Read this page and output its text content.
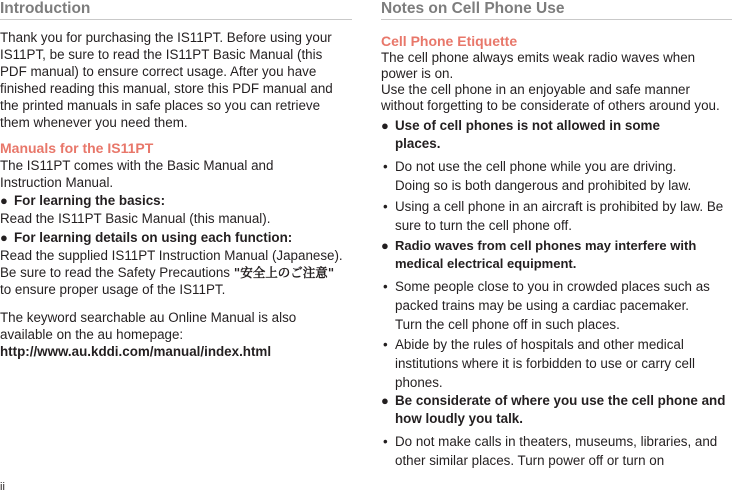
Introduction

Thank you for purchasing the IS11PT. Before using your IS11PT, be sure to read the IS11PT Basic Manual (this PDF manual) to ensure correct usage. After you have finished reading this manual, store this PDF manual and the printed manuals in safe places so you can retrieve them whenever you need them.

Manuals for the IS11PT

The IS11PT comes with the Basic Manual and Instruction Manual.

● For learning the basics:

Read the IS11PT Basic Manual (this manual).

● For learning details on using each function:

Read the supplied IS11PT Instruction Manual (Japanese). Be sure to read the Safety Precautions "安全上のご注意" to ensure proper usage of the IS11PT.

The keyword searchable au Online Manual is also available on the au homepage:

http://www.au.kddi.com/manual/index.html

Notes on Cell Phone Use
Cell Phone Etiquette

The cell phone always emits weak radio waves when power is on.

Use the cell phone in an enjoyable and safe manner without forgetting to be considerate of others around you.

● Use of cell phones is not allowed in some places.
• Do not use the cell phone while you are driving. Doing so is both dangerous and prohibited by law.
• Using a cell phone in an aircraft is prohibited by law. Be sure to turn the cell phone off.
● Radio waves from cell phones may interfere with medical electrical equipment.
• Some people close to you in crowded places such as packed trains may be using a cardiac pacemaker. Turn the cell phone off in such places.
• Abide by the rules of hospitals and other medical institutions where it is forbidden to use or carry cell phones.
● Be considerate of where you use the cell phone and how loudly you talk.
• Do not make calls in theaters, museums, libraries, and other similar places. Turn power off or turn on
ii
